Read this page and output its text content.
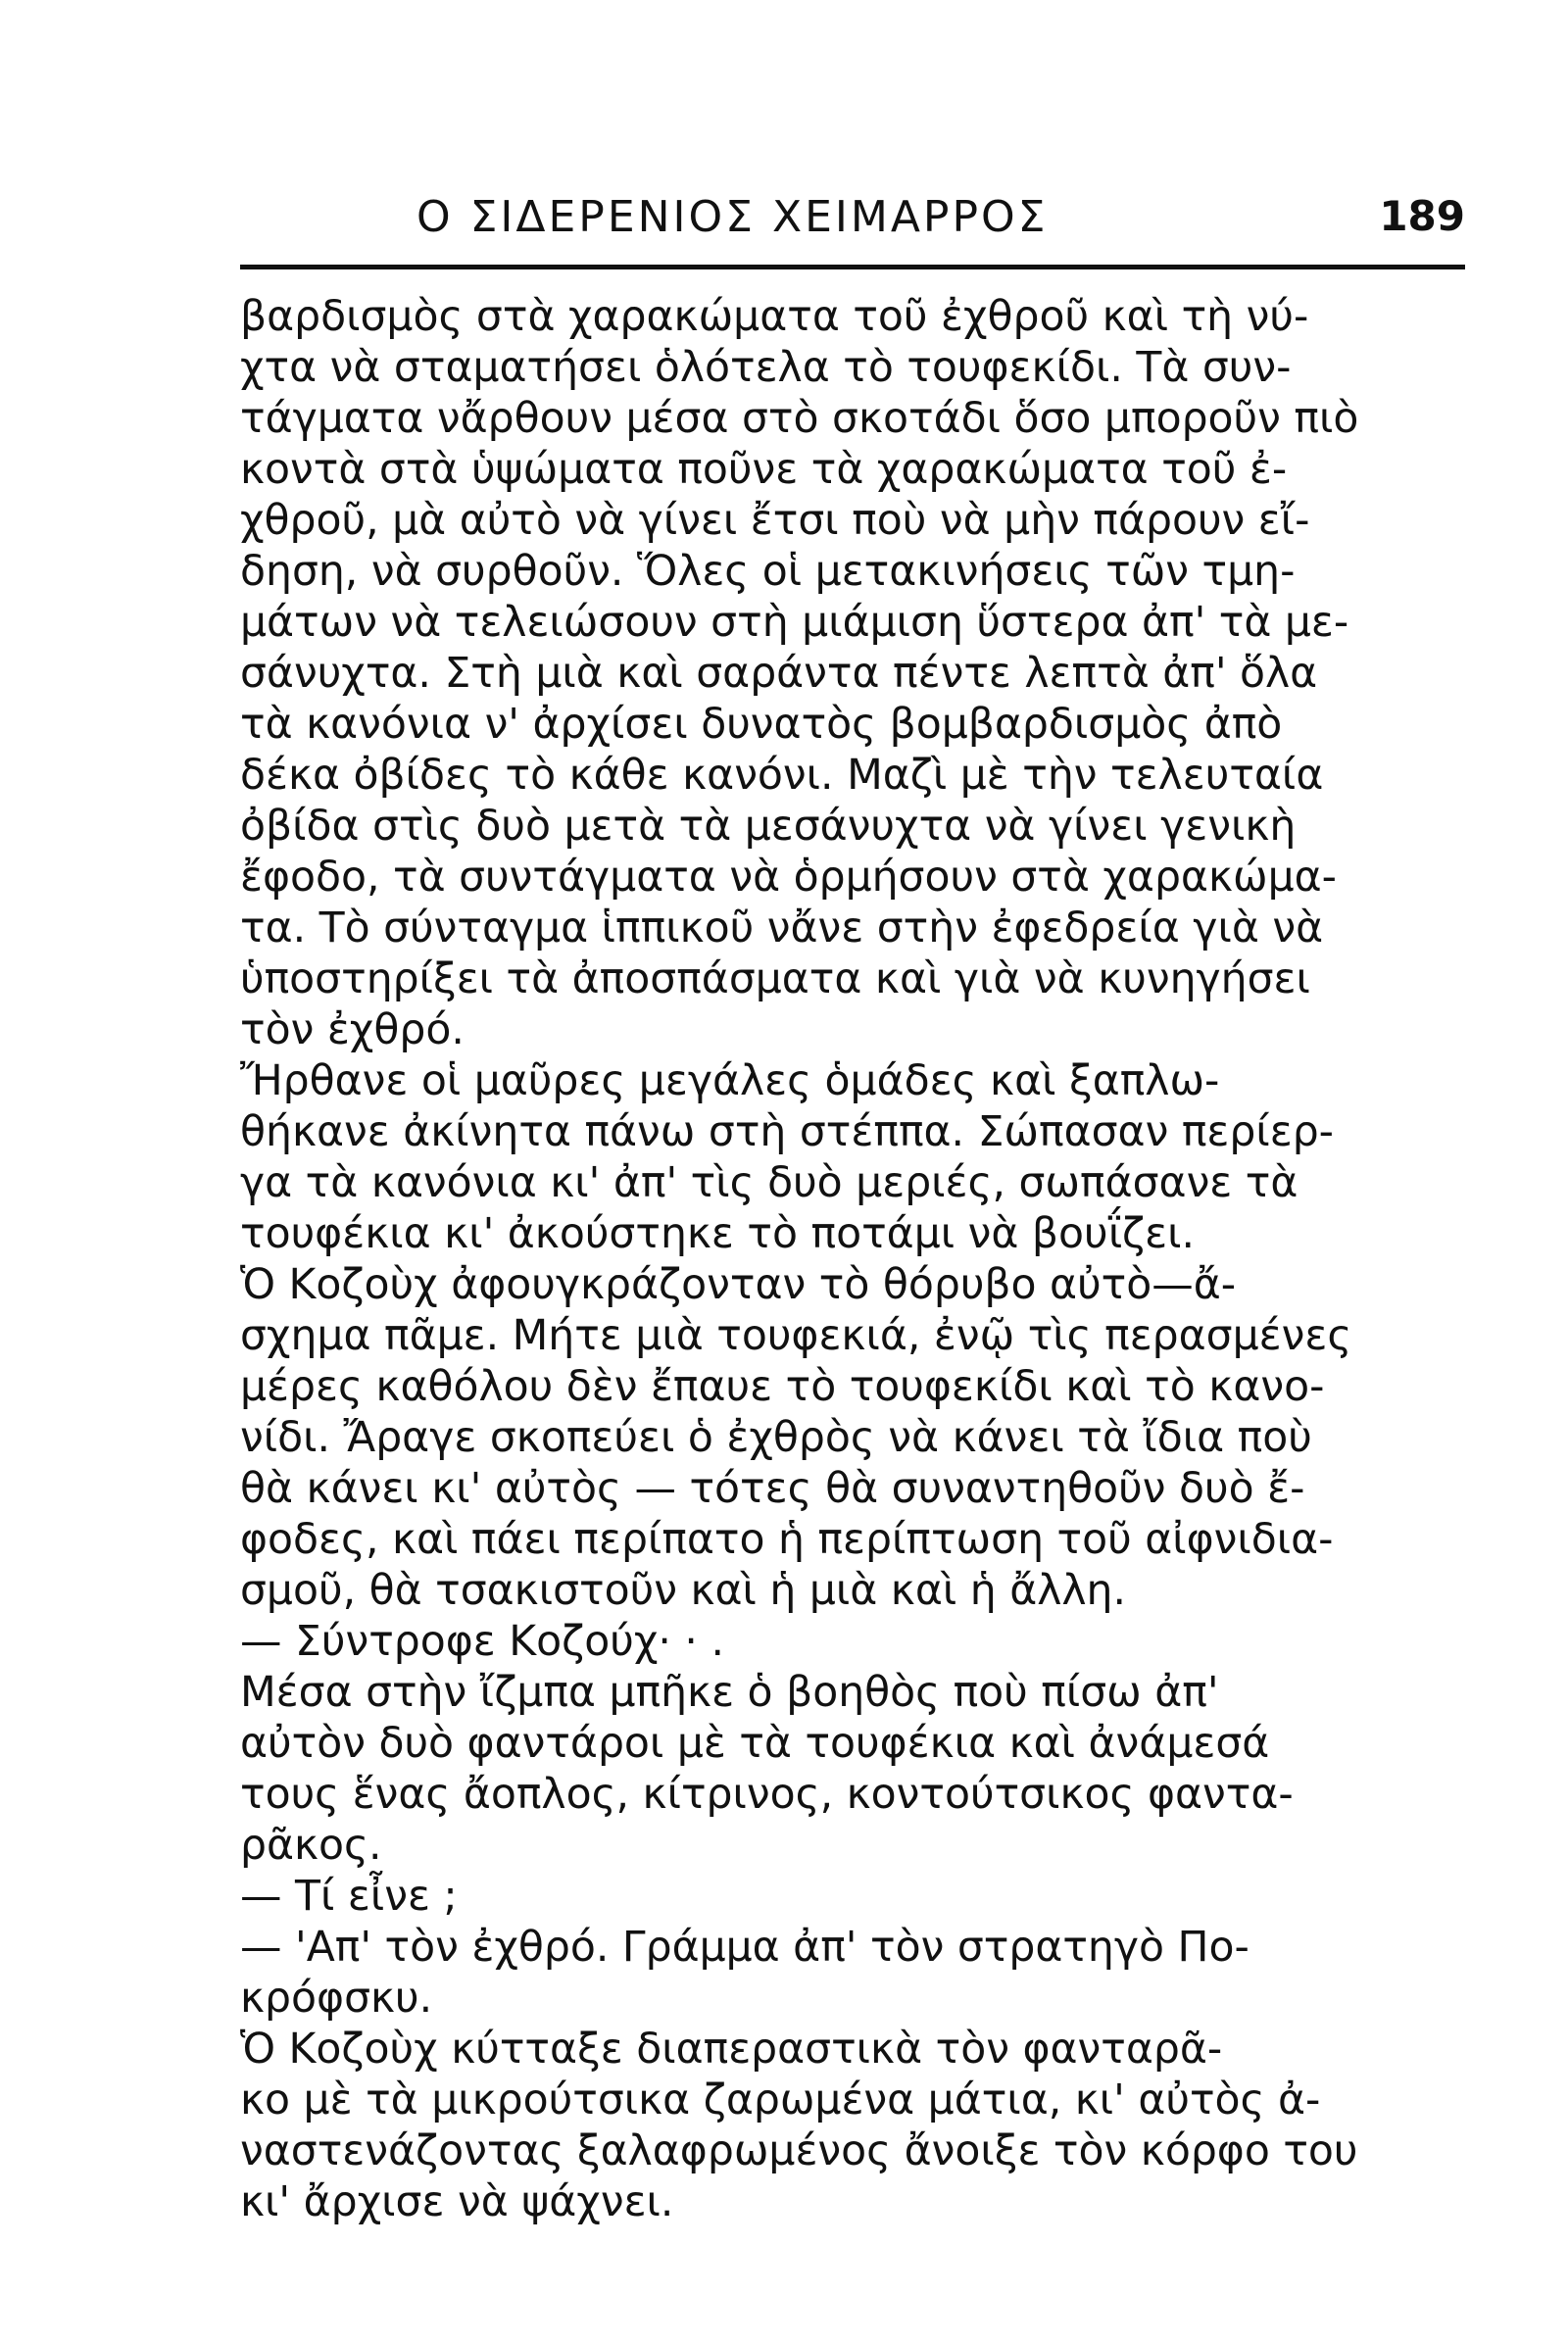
Ο ΣΙΔΕΡΕΝΙΟΣ ΧΕΙΜΑΡΡΟΣ	189
βαρδισμὸς στὰ χαρακώματα τοῦ ἐχθροῦ καὶ τὴ νύ-
χτα νὰ σταματήσει ὁλότελα τὸ τουφεκίδι. Τὰ συν-
τάγματα νἄρθουν μέσα στὸ σκοτάδι ὅσο μποροῦν πιὸ
κοντὰ στὰ ὑψώματα ποῦνε τὰ χαρακώματα τοῦ ἐ-
χθροῦ, μὰ αὐτὸ νὰ γίνει ἔτσι ποὺ νὰ μὴν πάρουν εἴ-
δηση, νὰ συρθοῦν. Ὅλες οἱ μετακινήσεις τῶν τμη-
μάτων νὰ τελειώσουν στὴ μιάμιση ὕστερα ἀπ' τὰ με-
σάνυχτα. Στὴ μιὰ καὶ σαράντα πέντε λεπτὰ ἀπ' ὅλα
τὰ κανόνια ν' ἀρχίσει δυνατὸς βομβαρδισμὸς ἀπὸ
δέκα ὀβίδες τὸ κάθε κανόνι. Μαζὶ μὲ τὴν τελευταία
ὀβίδα στὶς δυὸ μετὰ τὰ μεσάνυχτα νὰ γίνει γενικὴ
ἔφοδο, τὰ συντάγματα νὰ ὁρμήσουν στὰ χαρακώμα-
τα. Τὸ σύνταγμα ἱππικοῦ νἄνε στὴν ἐφεδρεία γιὰ νὰ
ὑποστηρίξει τὰ ἀποσπάσματα καὶ γιὰ νὰ κυνηγήσει
τὸν ἐχθρό.
Ἤρθανε οἱ μαῦρες μεγάλες ὁμάδες καὶ ξαπλω-
θήκανε ἀκίνητα πάνω στὴ στέππα. Σώπασαν περίερ-
γα τὰ κανόνια κι' ἀπ' τὶς δυὸ μεριές, σωπάσανε τὰ
τουφέκια κι' ἀκούστηκε τὸ ποτάμι νὰ βουΐζει.
Ὁ Κοζοὺχ ἀφουγκράζονταν τὸ θόρυβο αὐτὸ—ἄ-
σχημα πᾶμε. Μήτε μιὰ τουφεκιά, ἐνῷ τὶς περασμένες
μέρες καθόλου δὲν ἔπαυε τὸ τουφεκίδι καὶ τὸ κανο-
νίδι. Ἄραγε σκοπεύει ὁ ἐχθρὸς νὰ κάνει τὰ ἴδια ποὺ
θὰ κάνει κι' αὐτὸς — τότες θὰ συναντηθοῦν δυὸ ἔ-
φοδες, καὶ πάει περίπατο ἡ περίπτωση τοῦ αἰφνιδια-
σμοῦ, θὰ τσακιστοῦν καὶ ἡ μιὰ καὶ ἡ ἄλλη.
— Σύντροφε Κοζούχ· · .
Μέσα στὴν ἴζμπα μπῆκε ὁ βοηθὸς ποὺ πίσω ἀπ'
αὐτὸν δυὸ φαντάροι μὲ τὰ τουφέκια καὶ ἀνάμεσά
τους ἕνας ἄοπλος, κίτρινος, κοντούτσικος φαντα-
ρᾶκος.
— Τί εἶνε ;
— 'Απ' τὸν ἐχθρό. Γράμμα ἀπ' τὸν στρατηγὸ Πο-
κρόφσκυ.
Ὁ Κοζοὺχ κύτταξε διαπεραστικὰ τὸν φανταρᾶ-
κο μὲ τὰ μικρούτσικα ζαρωμένα μάτια, κι' αὐτὸς ἀ-
ναστενάζοντας ξαλαφρωμένος ἄνοιξε τὸν κόρφο του
κι' ἄρχισε νὰ ψάχνει.
